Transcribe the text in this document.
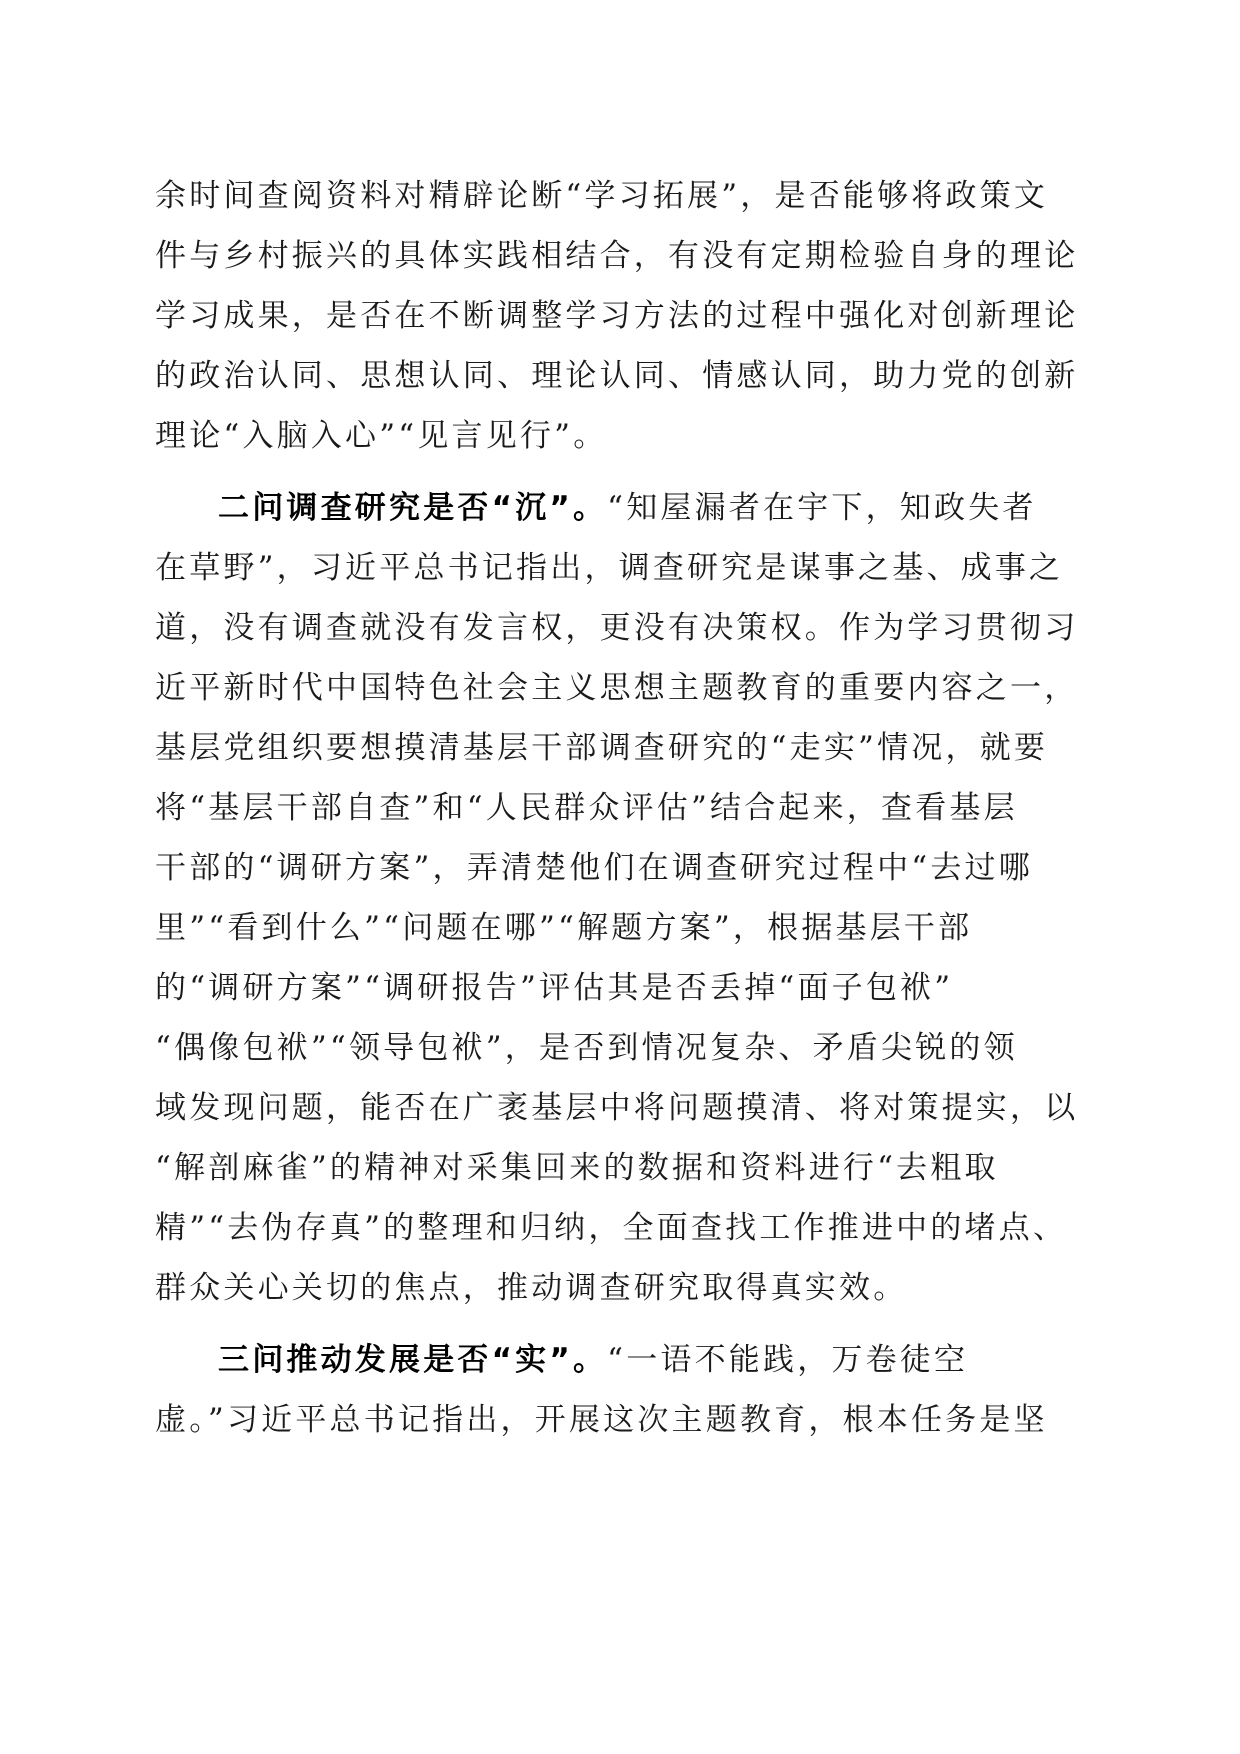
余时间查阅资料对精辟论断“学习拓展”，是否能够将政策文
件与乡村振兴的具体实践相结合，有没有定期检验自身的理论
学习成果，是否在不断调整学习方法的过程中强化对创新理论
的政治认同、思想认同、理论认同、情感认同，助力党的创新
理论“入脑入心”“见言见行”。
二问调查研究是否“沉”。“知屋漏者在宇下，知政失者
在草野”，习近平总书记指出，调查研究是谋事之基、成事之
道，没有调查就没有发言权，更没有决策权。作为学习贯彻习
近平新时代中国特色社会主义思想主题教育的重要内容之一，
基层党组织要想摸清基层干部调查研究的“走实”情况，就要
将“基层干部自查”和“人民群众评估”结合起来，查看基层
干部的“调研方案”，弄清楚他们在调查研究过程中“去过哪
里”“看到什么”“问题在哪”“解题方案”，根据基层干部
的“调研方案”“调研报告”评估其是否丢掉“面子包袱”
“偶像包袱”“领导包袱”，是否到情况复杂、矛盾尖锐的领
域发现问题，能否在广袤基层中将问题摸清、将对策提实，以
“解剖麻雀”的精神对采集回来的数据和资料进行“去粗取
精”“去伪存真”的整理和归纳，全面查找工作推进中的堵点、
群众关心关切的焦点，推动调查研究取得真实效。
三问推动发展是否“实”。“一语不能践，万卷徒空
虚。”习近平总书记指出，开展这次主题教育，根本任务是坚
